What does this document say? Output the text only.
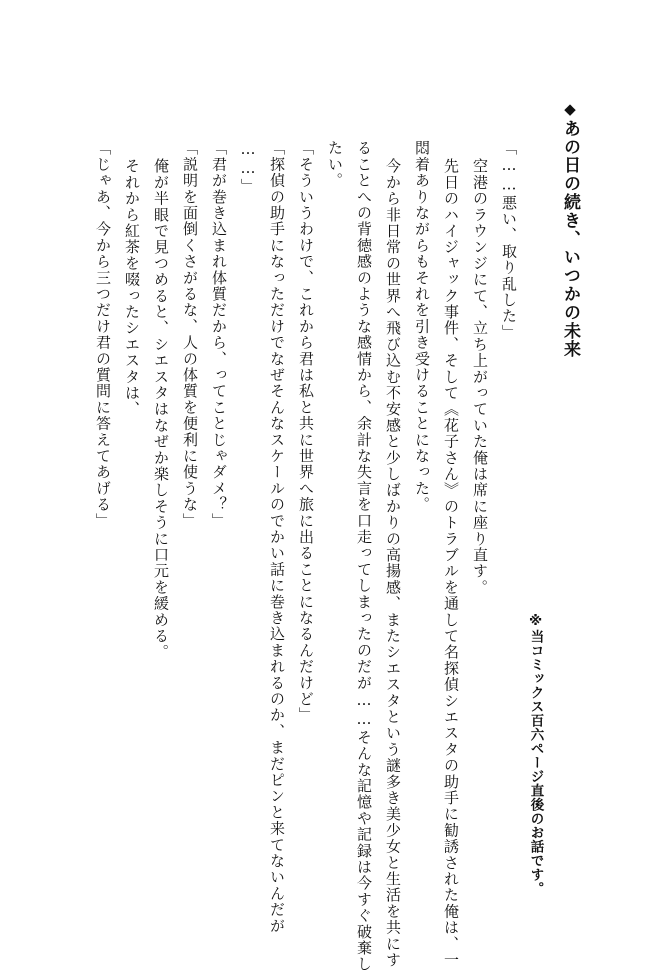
◆あの日の続き、いつかの未来
※当コミックス百六ページ直後のお話です。
「……悪い、取り乱した」
空港のラウンジにて、立ち上がっていた俺は席に座り直す。
先日のハイジャック事件、そして《花子さん》のトラブルを通して名探偵シエスタの助手に勧誘された俺は、一
悶着ありながらもそれを引き受けることになった。
今から非日常の世界へ飛び込む不安感と少しばかりの高揚感、またシエスタという謎多き美少女と生活を共にす
ることへの背徳感のような感情から、余計な失言を口走ってしまったのだが……そんな記憶や記録は今すぐ破棄し
たい。
「そういうわけで、これから君は私と共に世界へ旅に出ることになるんだけど」
「探偵の助手になっただけでなぜそんなスケールのでかい話に巻き込まれるのか、まだピンと来てないんだが
……」
「君が巻き込まれ体質だから、ってことじゃダメ？」
「説明を面倒くさがるな、人の体質を便利に使うな」
俺が半眼で見つめると、シエスタはなぜか楽しそうに口元を緩める。
それから紅茶を啜ったシエスタは、
「じゃあ、今から三つだけ君の質問に答えてあげる」
